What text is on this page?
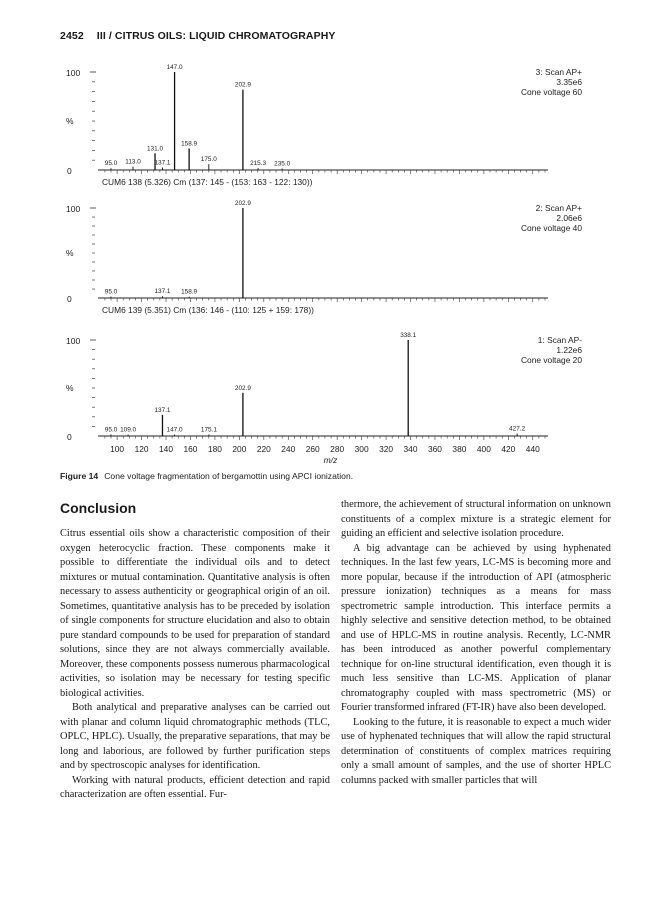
2452 III / CITRUS OILS: LIQUID CHROMATOGRAPHY
100
0
%
95.0 113.0
131.0
137.1
147.0
158.9
175.0
202.9
215.3 235.0
3: Scan AP+
3.35e6
Cone voltage 60
CUM6 138 (5.326) Cm (137: 145 - (153: 163 - 122: 130))
100
0
%
95.0	137.1 158.9
202.9	2: Scan AP+
2.06e6
Cone voltage 40
CUM6 139 (5.351) Cm (136: 146 - (110: 125 + 159: 178))
100
0
%
95.0 109.0
137.1
147.0	175.1
202.9
338.1
427.2
1: Scan AP-
1.22e6
Cone voltage 20
100 120 140 160 180 200 220 240 260 280 300 320 340 360 380 400 420 440
m/z
Figure 14 Cone voltage fragmentation of bergamottin using APCI ionization.
Conclusion

Citrus essential oils show a characteristic composition of their oxygen heterocyclic fraction. These components make it possible to differentiate the individual oils and to detect mixtures or mutual contamination. Quantitative analysis is often necessary to assess authenticity or geographical origin of an oil. Sometimes, quantitative analysis has to be preceded by isolation of single components for structure elucidation and also to obtain pure standard compounds to be used for preparation of standard solutions, since they are not always commercially available. Moreover, these components possess numerous pharmacological activities, so isolation may be necessary for testing specific biological activities.

Both analytical and preparative analyses can be carried out with planar and column liquid chromatographic methods (TLC, OPLC, HPLC). Usually, the preparative separations, that may be long and laborious, are followed by further purification steps and by spectroscopic analyses for identification.

Working with natural products, efficient detection and rapid characterization are often essential. Fur-

thermore, the achievement of structural information on unknown constituents of a complex mixture is a strategic element for guiding an efficient and selective isolation procedure.

A big advantage can be achieved by using hyphenated techniques. In the last few years, LC-MS is becoming more and more popular, because if the introduction of API (atmospheric pressure ionization) techniques as a means for mass spectrometric sample introduction. This interface permits a highly selective and sensitive detection method, to be obtained and use of HPLC-MS in routine analysis. Recently, LC-NMR has been introduced as another powerful complementary technique for on-line structural identification, even though it is much less sensitive than LC-MS. Application of planar chromatography coupled with mass spectrometric (MS) or Fourier transformed infrared (FT-IR) have also been developed.

Looking to the future, it is reasonable to expect a much wider use of hyphenated techniques that will allow the rapid structural determination of constituents of complex matrices requiring only a small amount of samples, and the use of shorter HPLC columns packed with smaller particles that will
